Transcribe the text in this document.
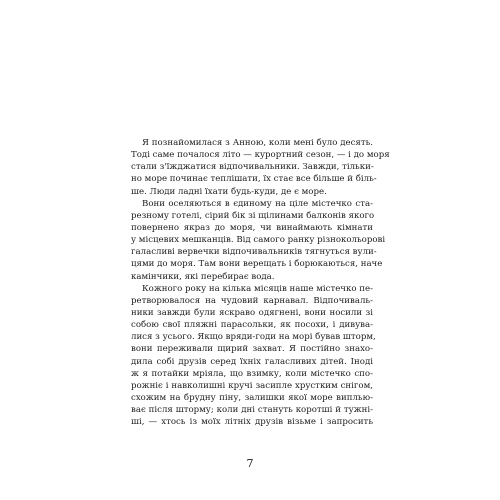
Я познайомилася з Анною, коли мені було десять.
Тоді саме почалося літо — курортний сезон, — і до моря
стали з'їжджатися відпочивальники. Завжди, тільки-
но море починає теплішати, їх стає все більше й біль-
ше. Люди ладні їхати будь-куди, де є море.
Вони оселяються в єдиному на ціле містечко ста-
резному готелі, сірий бік зі щілинами балконів якого
повернено якраз до моря, чи винаймають кімнати
у місцевих мешканців. Від самого ранку різнокольорові
галасливі вервечки відпочивальників тягнуться вули-
цями до моря. Там вони верещать і борюкаються, наче
камінчики, які перебирає вода.
Кожного року на кілька місяців наше містечко пе-
ретворювалося на чудовий карнавал. Відпочиваль-
ники завжди були яскраво одягнені, вони носили зі
собою свої пляжні парасольки, як посохи, і дивува-
лися з усього. Якщо вряди-годи на морі бував шторм,
вони переживали щирий захват. Я постійно знахо-
дила собі друзів серед їхніх галасливих дітей. Іноді
ж я потайки мріяла, що взимку, коли містечко спо-
рожніє і навколишні кручі засипле хрустким снігом,
схожим на брудну піну, залишки якої море виплью-
ває після шторму; коли дні стануть коротші й тужні-
ші, — хтось із моїх літніх друзів візьме і запросить
7
